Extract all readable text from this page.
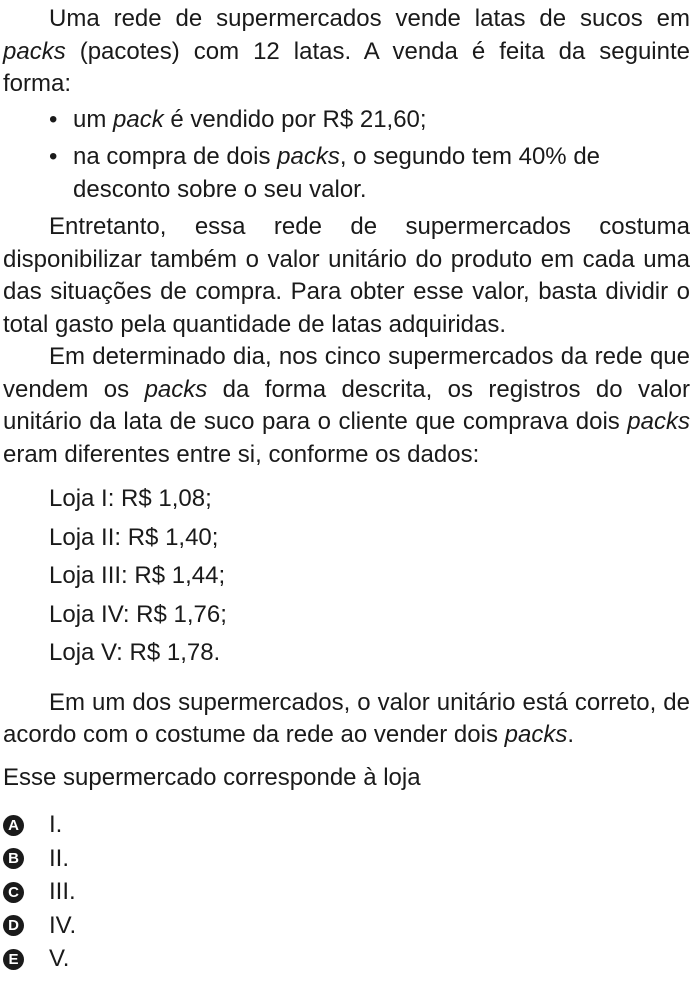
Uma rede de supermercados vende latas de sucos em packs (pacotes) com 12 latas. A venda é feita da seguinte forma:

• um pack é vendido por R$ 21,60;
• na compra de dois packs, o segundo tem 40% de desconto sobre o seu valor.

Entretanto, essa rede de supermercados costuma disponibilizar também o valor unitário do produto em cada uma das situações de compra. Para obter esse valor, basta dividir o total gasto pela quantidade de latas adquiridas.

Em determinado dia, nos cinco supermercados da rede que vendem os packs da forma descrita, os registros do valor unitário da lata de suco para o cliente que comprava dois packs eram diferentes entre si, conforme os dados:

Loja I: R$ 1,08;
Loja II: R$ 1,40;
Loja III: R$ 1,44;
Loja IV: R$ 1,76;
Loja V: R$ 1,78.

Em um dos supermercados, o valor unitário está correto, de acordo com o costume da rede ao vender dois packs.

Esse supermercado corresponde à loja

A I.
B II.
C III.
D IV.
E V.
